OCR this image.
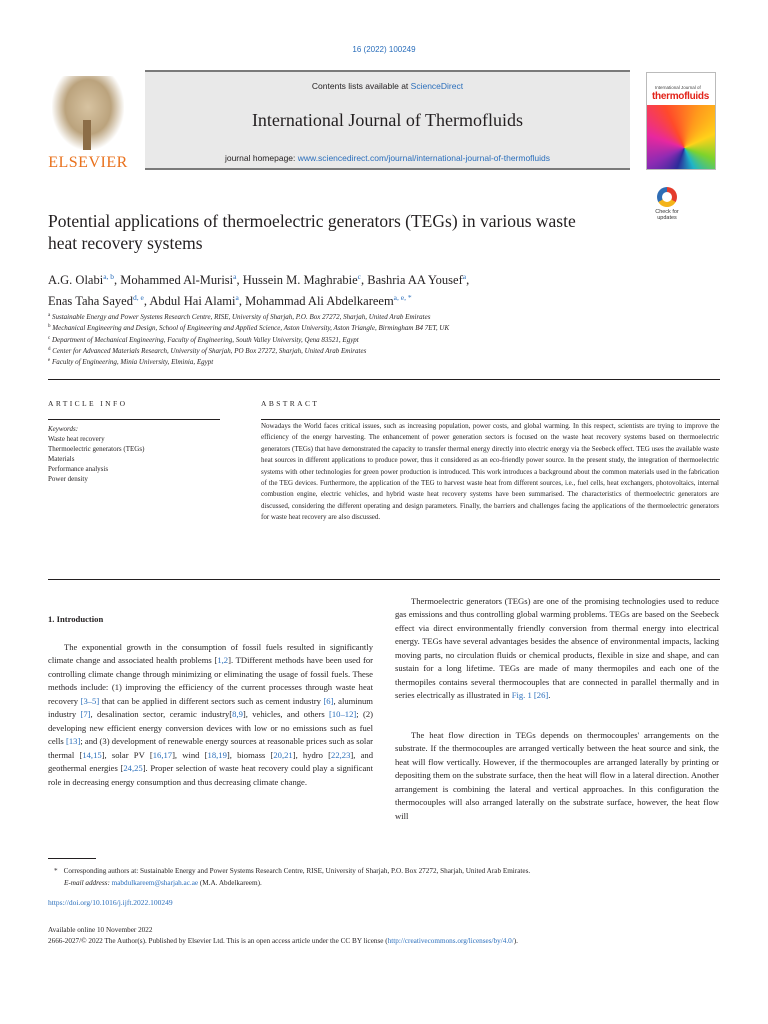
16 (2022) 100249
ELSEVIER
Contents lists available at ScienceDirect
International Journal of Thermofluids
journal homepage: www.sciencedirect.com/journal/international-journal-of-thermofluids
International Journal of
thermofluids
Potential applications of thermoelectric generators (TEGs) in various waste heat recovery systems
Check for updates
A.G. Olabi$^{a, b}$, Mohammed Al-Murisi$^a$, Hussein M. Maghrabie$^c$, Bashria AA Yousef$^a$,
Enas Taha Sayed$^{d, e}$, Abdul Hai Alami$^a$, Mohammad Ali Abdelkareem$^{a, e, *}$
$^a$ Sustainable Energy and Power Systems Research Centre, RISE, University of Sharjah, P.O. Box 27272, Sharjah, United Arab Emirates
$^b$ Mechanical Engineering and Design, School of Engineering and Applied Science, Aston University, Aston Triangle, Birmingham B4 7ET, UK
$^c$ Department of Mechanical Engineering, Faculty of Engineering, South Valley University, Qena 83521, Egypt
$^d$ Center for Advanced Materials Research, University of Sharjah, PO Box 27272, Sharjah, United Arab Emirates
$^e$ Faculty of Engineering, Minia University, Elminia, Egypt
ARTICLE INFO
Keywords:
Waste heat recovery
Thermoelectric generators (TEGs)
Materials
Performance analysis
Power density
ABSTRACT
Nowadays the World faces critical issues, such as increasing population, power costs, and global warming. In this respect, scientists are trying to improve the efficiency of the energy harvesting. The enhancement of power generation sectors is focused on the waste heat recovery systems based on thermoelectric generators (TEGs) that have demonstrated the capacity to transfer thermal energy directly into electric energy via the Seebeck effect. TEG uses the available waste heat sources in different applications to produce power, thus it considered as an eco-friendly power source. In the present study, the integration of thermoelectric systems with other technologies for green power production is introduced. This work introduces a background about the common materials used in the fabrication of the TEG devices. Furthermore, the application of the TEG to harvest waste heat from different sources, i.e., fuel cells, heat exchangers, photovoltaics, internal combustion engine, electric vehicles, and hybrid waste heat recovery systems have been summarised. The characteristics of thermoelectric generators are discussed, considering the different operating and design parameters. Finally, the barriers and challenges facing the applications of the thermoelectric generators for waste heat recovery are also discussed.
1. Introduction
The exponential growth in the consumption of fossil fuels resulted in significantly climate change and associated health problems [1,2]. TDifferent methods have been used for controlling climate change through minimizing or eliminating the usage of fossil fuels. These methods include: (1) improving the efficiency of the current processes through waste heat recovery [3–5] that can be applied in different sectors such as cement industry [6], aluminum industry [7], desalination sector, ceramic industry[8,9], vehicles, and others [10–12]; (2) developing new efficient energy conversion devices with low or no emissions such as fuel cells [13]; and (3) development of renewable energy sources at reasonable prices such as solar thermal [14,15], solar PV [16,17], wind [18,19], biomass [20,21], hydro [22,23], and geothermal energies [24,25]. Proper selection of waste heat recovery could play a significant role in decreasing energy consumption and thus decreasing climate change.
Thermoelectric generators (TEGs) are one of the promising technologies used to reduce gas emissions and thus controlling global warming problems. TEGs are based on the Seebeck effect via direct environmentally friendly conversion from thermal energy into electrical energy. TEGs have several advantages besides the absence of environmental impacts, lacking moving parts, no circulation fluids or chemical products, flexible in size and shape, and can sustain for a long lifetime. TEGs are made of many thermopiles and each one of the thermopiles contains several thermocouples that are connected in parallel thermally and in series electrically as illustrated in Fig. 1 [26].
The heat flow direction in TEGs depends on thermocouples' arrangements on the substrate. If the thermocouples are arranged vertically between the heat source and sink, the heat will flow vertically. However, if the thermocouples are arranged laterally by printing or depositing them on the substrate surface, then the heat will flow in a lateral direction. Another arrangement is combining the lateral and vertical approaches. In this configuration the thermocouples will also arranged laterally on the substrate surface, however, the heat flow will
* Corresponding authors at: Sustainable Energy and Power Systems Research Centre, RISE, University of Sharjah, P.O. Box 27272, Sharjah, United Arab Emirates.
E-mail address: mabdulkareem@sharjah.ac.ae (M.A. Abdelkareem).
https://doi.org/10.1016/j.ijft.2022.100249
Available online 10 November 2022
2666-2027/© 2022 The Author(s). Published by Elsevier Ltd. This is an open access article under the CC BY license (http://creativecommons.org/licenses/by/4.0/).
